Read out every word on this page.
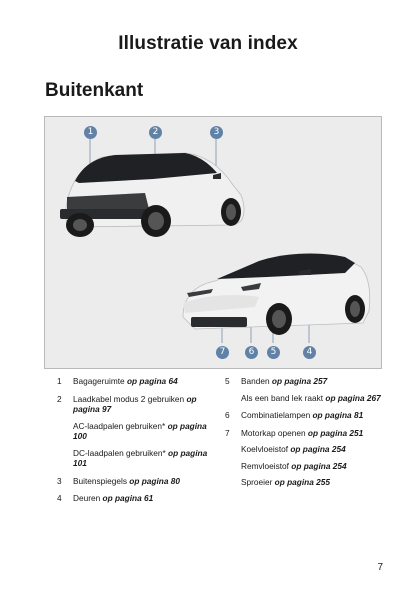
Illustratie van index
Buitenkant
1	2	3
7	6	5	4
1 Bagageruimte op pagina 64
2 Laadkabel modus 2 gebruiken op pagina 97
AC-laadpalen gebruiken* op pagina 100
DC-laadpalen gebruiken* op pagina 101
3 Buitenspiegels op pagina 80
4 Deuren op pagina 61
5 Banden op pagina 257
Als een band lek raakt op pagina 267
6 Combinatielampen op pagina 81
7 Motorkap openen op pagina 251
Koelvloeistof op pagina 254
Remvloeistof op pagina 254
Sproeier op pagina 255
7
